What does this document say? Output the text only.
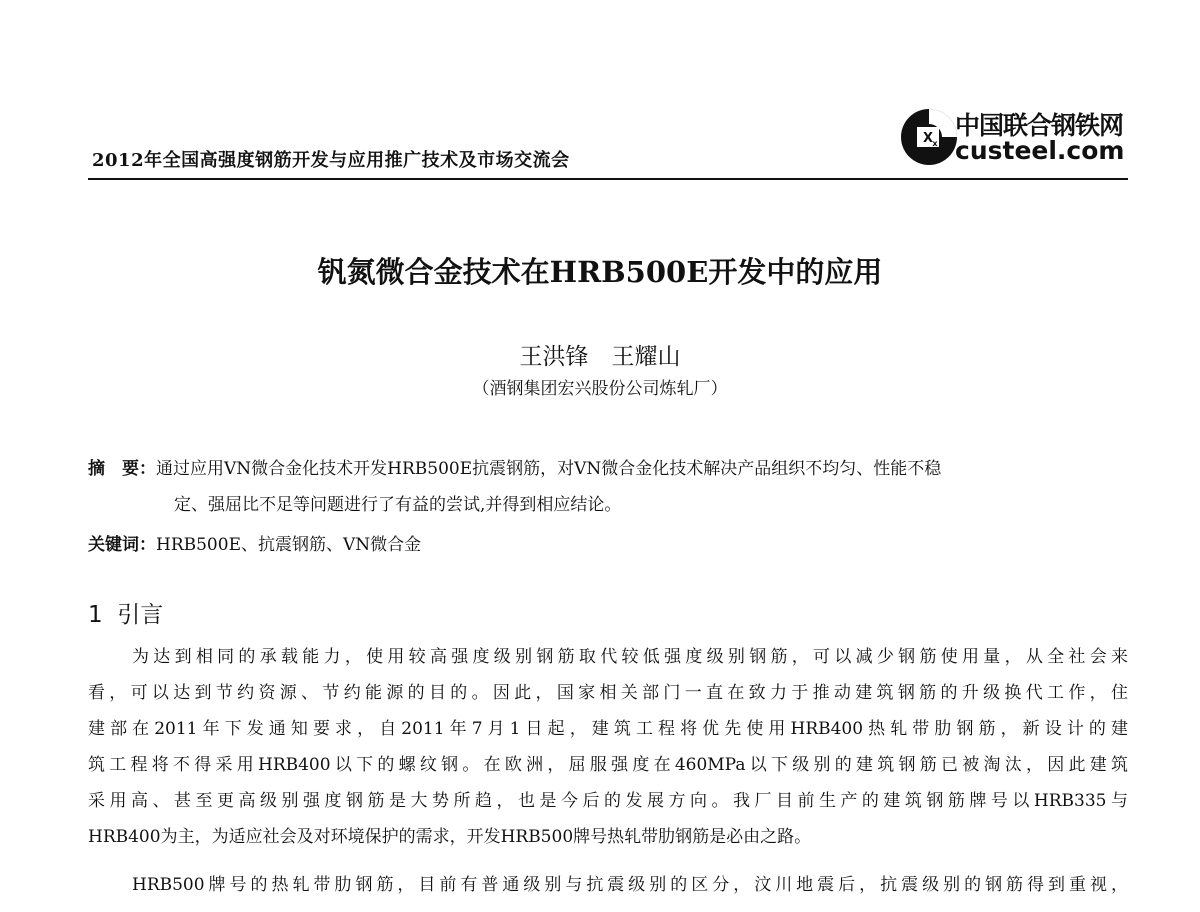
2012年全国高强度钢筋开发与应用推广技术及市场交流会
X x
中国联合钢铁网
custeel.com
钒氮微合金技术在HRB500E开发中的应用
王洪锋　王耀山
（酒钢集团宏兴股份公司炼轧厂）
摘　要：通过应用VN微合金化技术开发HRB500E抗震钢筋，对VN微合金化技术解决产品组织不均匀、性能不稳
定、强屈比不足等问题进行了有益的尝试,并得到相应结论。
关键词：HRB500E、抗震钢筋、VN微合金
1  引言
为达到相同的承载能力，使用较高强度级别钢筋取代较低强度级别钢筋，可以减少钢筋使用量，从全社会来
看，可以达到节约资源、节约能源的目的。因此，国家相关部门一直在致力于推动建筑钢筋的升级换代工作，住
建部在2011年下发通知要求，自2011年7月1日起，建筑工程将优先使用HRB400热轧带肋钢筋，新设计的建
筑工程将不得采用HRB400以下的螺纹钢。在欧洲，屈服强度在460MPa以下级别的建筑钢筋已被淘汰，因此建筑
采用高、甚至更高级别强度钢筋是大势所趋，也是今后的发展方向。我厂目前生产的建筑钢筋牌号以HRB335与
HRB400为主，为适应社会及对环境保护的需求，开发HRB500牌号热轧带肋钢筋是必由之路。
HRB500牌号的热轧带肋钢筋，目前有普通级别与抗震级别的区分，汶川地震后，抗震级别的钢筋得到重视，
